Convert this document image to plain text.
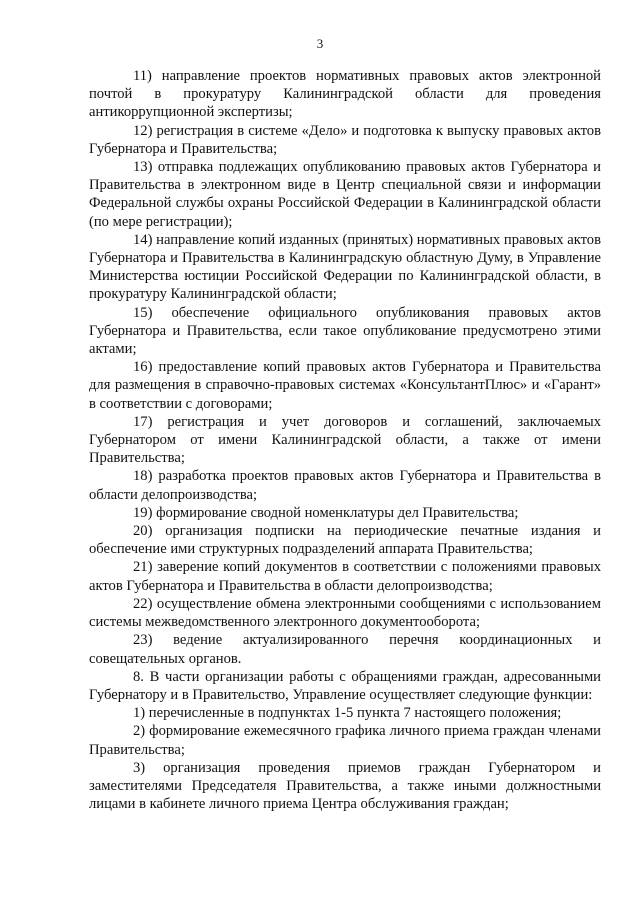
3

11) направление проектов нормативных правовых актов электронной почтой в прокуратуру Калининградской области для проведения антикоррупционной экспертизы;

12) регистрация в системе «Дело» и подготовка к выпуску правовых актов Губернатора и Правительства;

13) отправка подлежащих опубликованию правовых актов Губернатора и Правительства в электронном виде в Центр специальной связи и информации Федеральной службы охраны Российской Федерации в Калининградской области (по мере регистрации);

14) направление копий изданных (принятых) нормативных правовых актов Губернатора и Правительства в Калининградскую областную Думу, в Управление Министерства юстиции Российской Федерации по Калининградской области, в прокуратуру Калининградской области;

15) обеспечение официального опубликования правовых актов Губернатора и Правительства, если такое опубликование предусмотрено этими актами;

16) предоставление копий правовых актов Губернатора и Правительства для размещения в справочно-правовых системах «КонсультантПлюс» и «Гарант» в соответствии с договорами;

17) регистрация и учет договоров и соглашений, заключаемых Губернатором от имени Калининградской области, а также от имени Правительства;

18) разработка проектов правовых актов Губернатора и Правительства в области делопроизводства;

19) формирование сводной номенклатуры дел Правительства;

20) организация подписки на периодические печатные издания и обеспечение ими структурных подразделений аппарата Правительства;

21) заверение копий документов в соответствии с положениями правовых актов Губернатора и Правительства в области делопроизводства;

22) осуществление обмена электронными сообщениями с использованием системы межведомственного электронного документооборота;

23) ведение актуализированного перечня координационных и совещательных органов.

8. В части организации работы с обращениями граждан, адресованными Губернатору и в Правительство, Управление осуществляет следующие функции:

1) перечисленные в подпунктах 1-5 пункта 7 настоящего положения;

2) формирование ежемесячного графика личного приема граждан членами Правительства;

3) организация проведения приемов граждан Губернатором и заместителями Председателя Правительства, а также иными должностными лицами в кабинете личного приема Центра обслуживания граждан;
